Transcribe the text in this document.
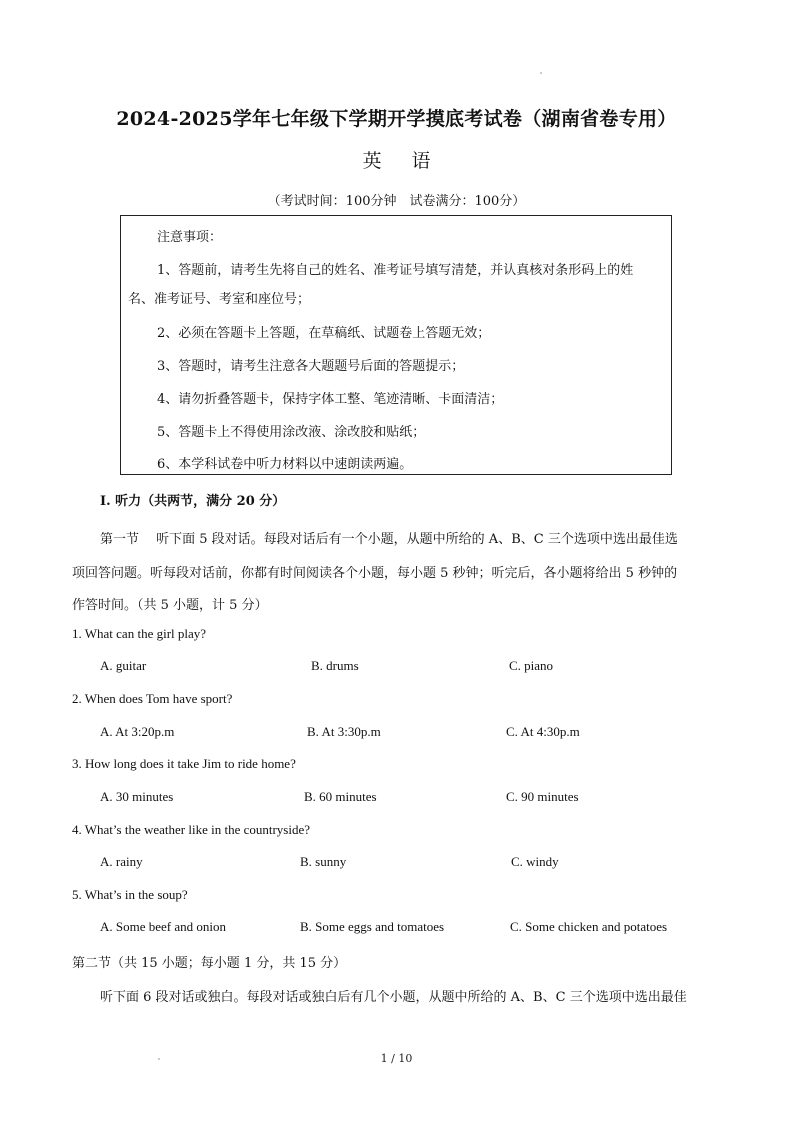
2024-2025学年七年级下学期开学摸底考试卷（湖南省卷专用）
英 语
（考试时间：100分钟　试卷满分：100分）
注意事项：
1、答题前，请考生先将自己的姓名、准考证号填写清楚，并认真核对条形码上的姓
名、准考证号、考室和座位号；
2、必须在答题卡上答题，在草稿纸、试题卷上答题无效；
3、答题时，请考生注意各大题题号后面的答题提示；
4、请勿折叠答题卡，保持字体工整、笔迹清晰、卡面清洁；
5、答题卡上不得使用涂改液、涂改胶和贴纸；
6、本学科试卷中听力材料以中速朗读两遍。
I. 听力（共两节，满分 20 分）
第一节　 听下面 5 段对话。每段对话后有一个小题，从题中所给的 A、B、C 三个选项中选出最佳选
项回答问题。听每段对话前，你都有时间阅读各个小题，每小题 5 秒钟；听完后，各小题将给出 5 秒钟的
作答时间。（共 5 小题，计 5 分）
1. What can the girl play?
A. guitar	B. drums	C. piano
2. When does Tom have sport?
A. At 3:20p.m	B. At 3:30p.m	C. At 4:30p.m
3. How long does it take Jim to ride home?
A. 30 minutes	B. 60 minutes	C. 90 minutes
4. What’s the weather like in the countryside?
A. rainy	B. sunny	C. windy
5. What’s in the soup?
A. Some beef and onion	B. Some eggs and tomatoes	C. Some chicken and potatoes
第二节（共 15 小题；每小题 1 分，共 15 分）
听下面 6 段对话或独白。每段对话或独白后有几个小题，从题中所给的 A、B、C 三个选项中选出最佳
1 / 10
